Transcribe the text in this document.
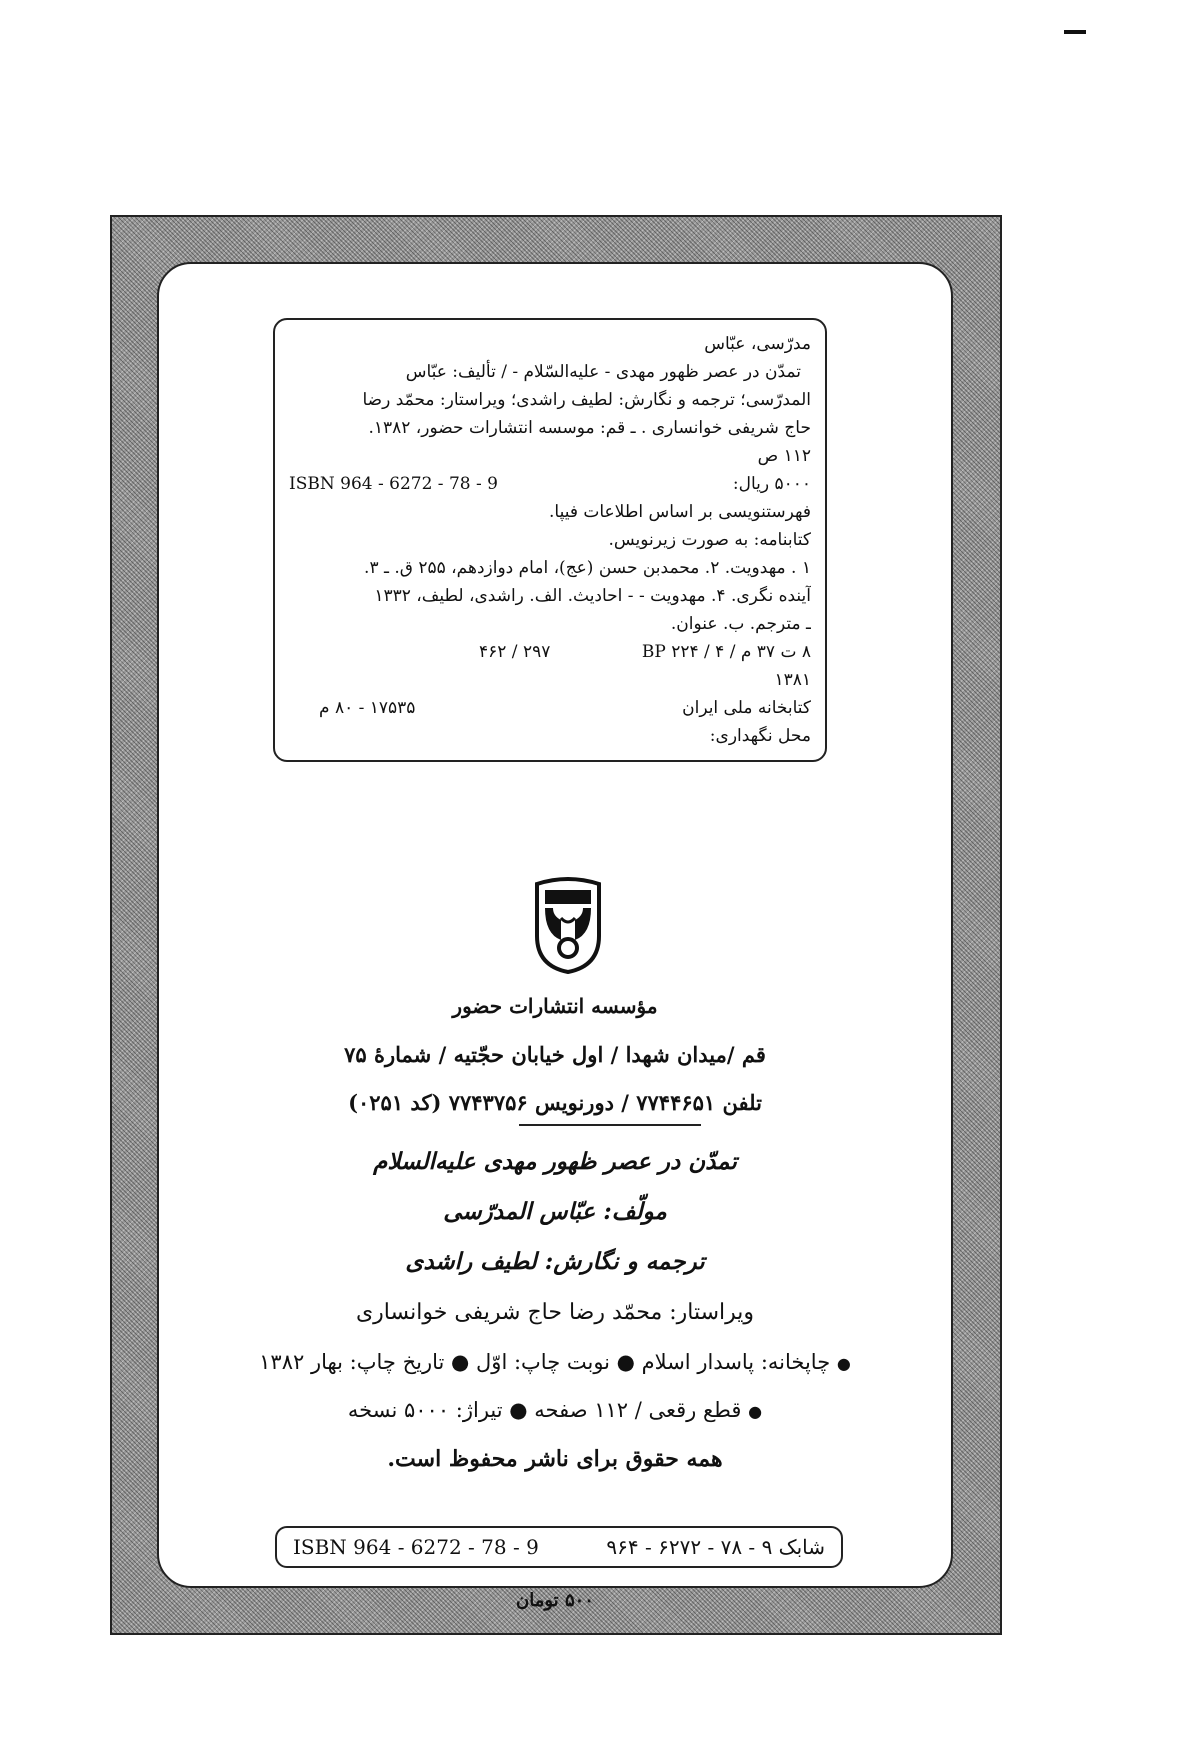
مدرّسی، عبّاس
تمدّن در عصر ظهور مهدی - علیه‌السّلام - / تألیف: عبّاس
المدرّسی؛ ترجمه و نگارش: لطیف راشدی؛ ویراستار: محمّد رضا
حاج شریفی خوانساری . ـ قم: موسسه انتشارات حضور، ۱۳۸۲.
۱۱۲ ص
۵۰۰۰ ریال:
ISBN 964 - 6272 - 78 - 9
فهرستنویسی بر اساس اطلاعات فیپا.
کتابنامه: به صورت زیرنویس.
۱ . مهدویت. ۲. محمدبن حسن (عج)، امام دوازدهم، ۲۵۵ ق. ـ ۳.
آینده نگری. ۴. مهدویت - - احادیث. الف. راشدی، لطیف، ۱۳۳۲
ـ مترجم. ب. عنوان.
۸ ت ۳۷ م / ۴ / ۲۲۴ BP
۲۹۷ / ۴۶۲
۱۳۸۱
کتابخانه ملی ایران
۱۷۵۳۵ - ۸۰ م
محل نگهداری:
مؤسسه انتشارات حضور
قم /میدان شهدا / اول خیابان حجّتیه / شمارهٔ ۷۵
تلفن ۷۷۴۴۶۵۱ / دورنویس ۷۷۴۳۷۵۶ (کد ۰۲۵۱)
تمدّن در عصر ظهور مهدی علیه‌السلام
مولّف: عبّاس المدرّسی
ترجمه و نگارش: لطیف راشدی
ویراستار: محمّد رضا حاج شریفی خوانساری
● چاپخانه: پاسدار اسلام ● نوبت چاپ: اوّل ● تاریخ چاپ: بهار ۱۳۸۲
● قطع رقعی / ۱۱۲ صفحه ● تیراژ: ۵۰۰۰ نسخه
همه حقوق برای ناشر محفوظ است.
ISBN 964 - 6272 - 78 - 9	شابک ۹ - ۷۸ - ۶۲۷۲ - ۹۶۴
۵۰۰ تومان
